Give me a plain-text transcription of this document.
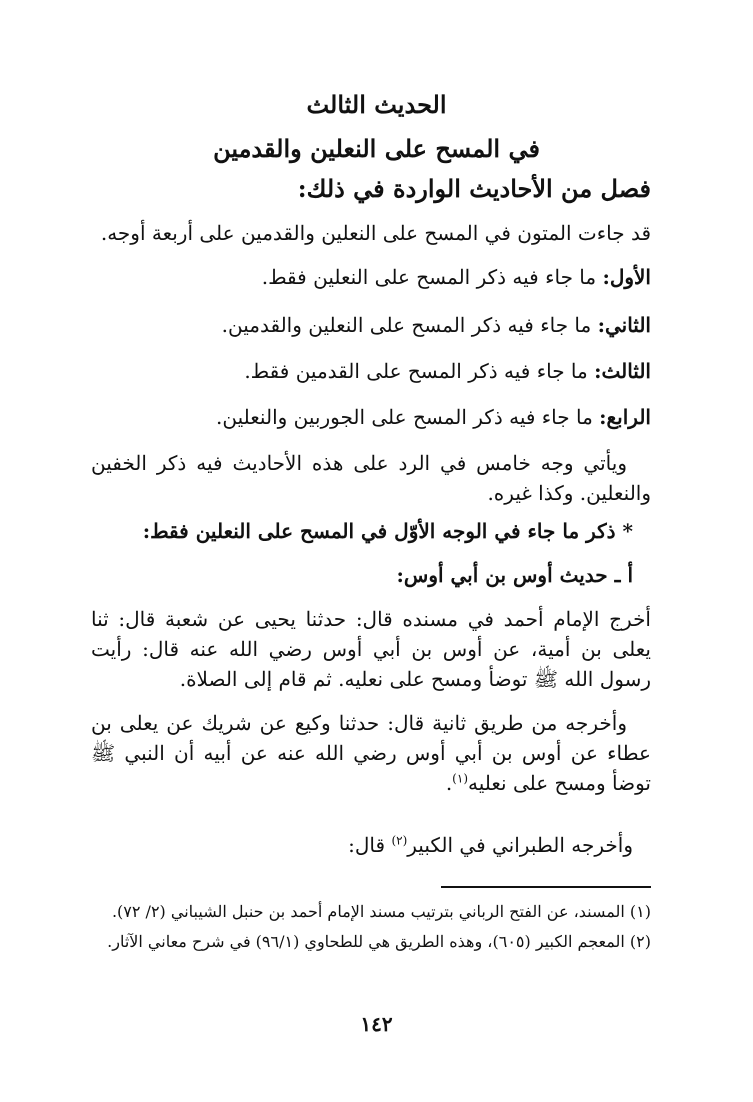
الحديث الثالث
في المسح على النعلين والقدمين
فصل من الأحاديث الواردة في ذلك:
قد جاءت المتون في المسح على النعلين والقدمين على أربعة أوجه.
الأول: ما جاء فيه ذكر المسح على النعلين فقط.
الثاني: ما جاء فيه ذكر المسح على النعلين والقدمين.
الثالث: ما جاء فيه ذكر المسح على القدمين فقط.
الرابع: ما جاء فيه ذكر المسح على الجوربين والنعلين.
ويأتي وجه خامس في الرد على هذه الأحاديث فيه ذكر الخفين والنعلين. وكذا غيره.
* ذكر ما جاء في الوجه الأوّل في المسح على النعلين فقط:
أ ـ حديث أوس بن أبي أوس:
أخرج الإمام أحمد في مسنده قال: حدثنا يحيى عن شعبة قال: ثنا يعلى بن أمية، عن أوس بن أبي أوس رضي الله عنه قال: رأيت رسول الله ﷺ توضأ ومسح على نعليه. ثم قام إلى الصلاة.
وأخرجه من طريق ثانية قال: حدثنا وكيع عن شريك عن يعلى بن عطاء عن أوس بن أبي أوس رضي الله عنه عن أبيه أن النبي ﷺ توضأ ومسح على نعليه$^{(١)}$.
وأخرجه الطبراني في الكبير$^{(٢)}$ قال:
(١) المسند، عن الفتح الرباني بترتيب مسند الإمام أحمد بن حنبل الشيباني (٢/ ٧٢).
(٢) المعجم الكبير (٦٠٥)، وهذه الطريق هي للطحاوي (٩٦/١) في شرح معاني الآثار.
١٤٢
